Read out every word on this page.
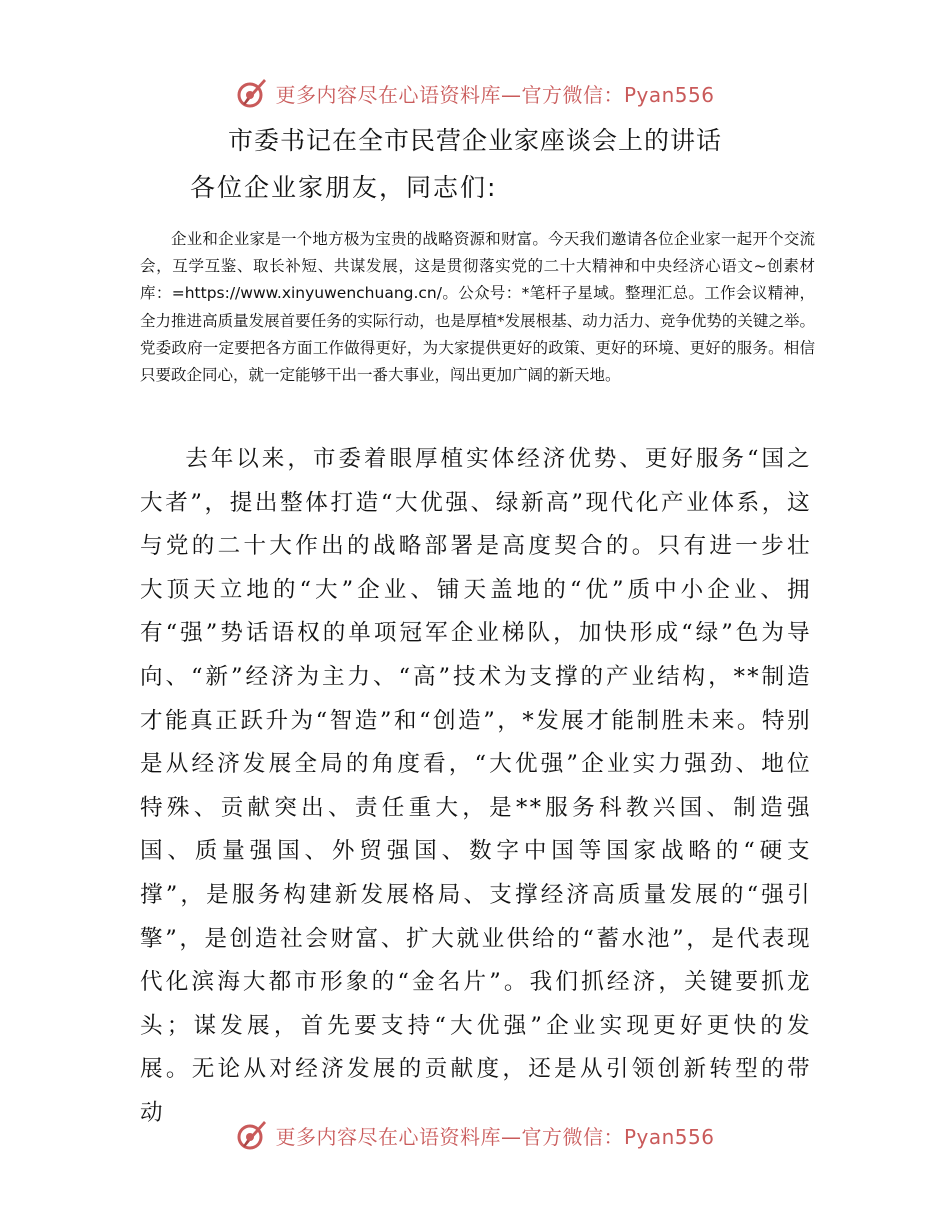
更多内容尽在心语资料库—官方微信：Pyan556
市委书记在全市民营企业家座谈会上的讲话
各位企业家朋友，同志们:

企业和企业家是一个地方极为宝贵的战略资源和财富。今天我们邀请各位企业家一起开个交流会，互学互鉴、取长补短、共谋发展，这是贯彻落实党的二十大精神和中央经济心语文~创素材库：=https://www.xinyuwenchuang.cn/。公众号：*笔杆子星域。整理汇总。工作会议精神，全力推进高质量发展首要任务的实际行动，也是厚植*发展根基、动力活力、竞争优势的关键之举。党委政府一定要把各方面工作做得更好，为大家提供更好的政策、更好的环境、更好的服务。相信只要政企同心，就一定能够干出一番大事业，闯出更加广阔的新天地。

去年以来，市委着眼厚植实体经济优势、更好服务“国之大者”，提出整体打造“大优强、绿新高”现代化产业体系，这与党的二十大作出的战略部署是高度契合的。只有进一步壮大顶天立地的“大”企业、铺天盖地的“优”质中小企业、拥有“强”势话语权的单项冠军企业梯队，加快形成“绿”色为导向、“新”经济为主力、“高”技术为支撑的产业结构，**制造才能真正跃升为“智造”和“创造”，*发展才能制胜未来。特别是从经济发展全局的角度看，“大优强”企业实力强劲、地位特殊、贡献突出、责任重大，是**服务科教兴国、制造强国、质量强国、外贸强国、数字中国等国家战略的“硬支撑”，是服务构建新发展格局、支撑经济高质量发展的“强引擎”，是创造社会财富、扩大就业供给的“蓄水池”，是代表现代化滨海大都市形象的“金名片”。我们抓经济，关键要抓龙头；谋发展，首先要支持“大优强”企业实现更好更快的发展。无论从对经济发展的贡献度，还是从引领创新转型的带动

更多内容尽在心语资料库—官方微信：Pyan556
